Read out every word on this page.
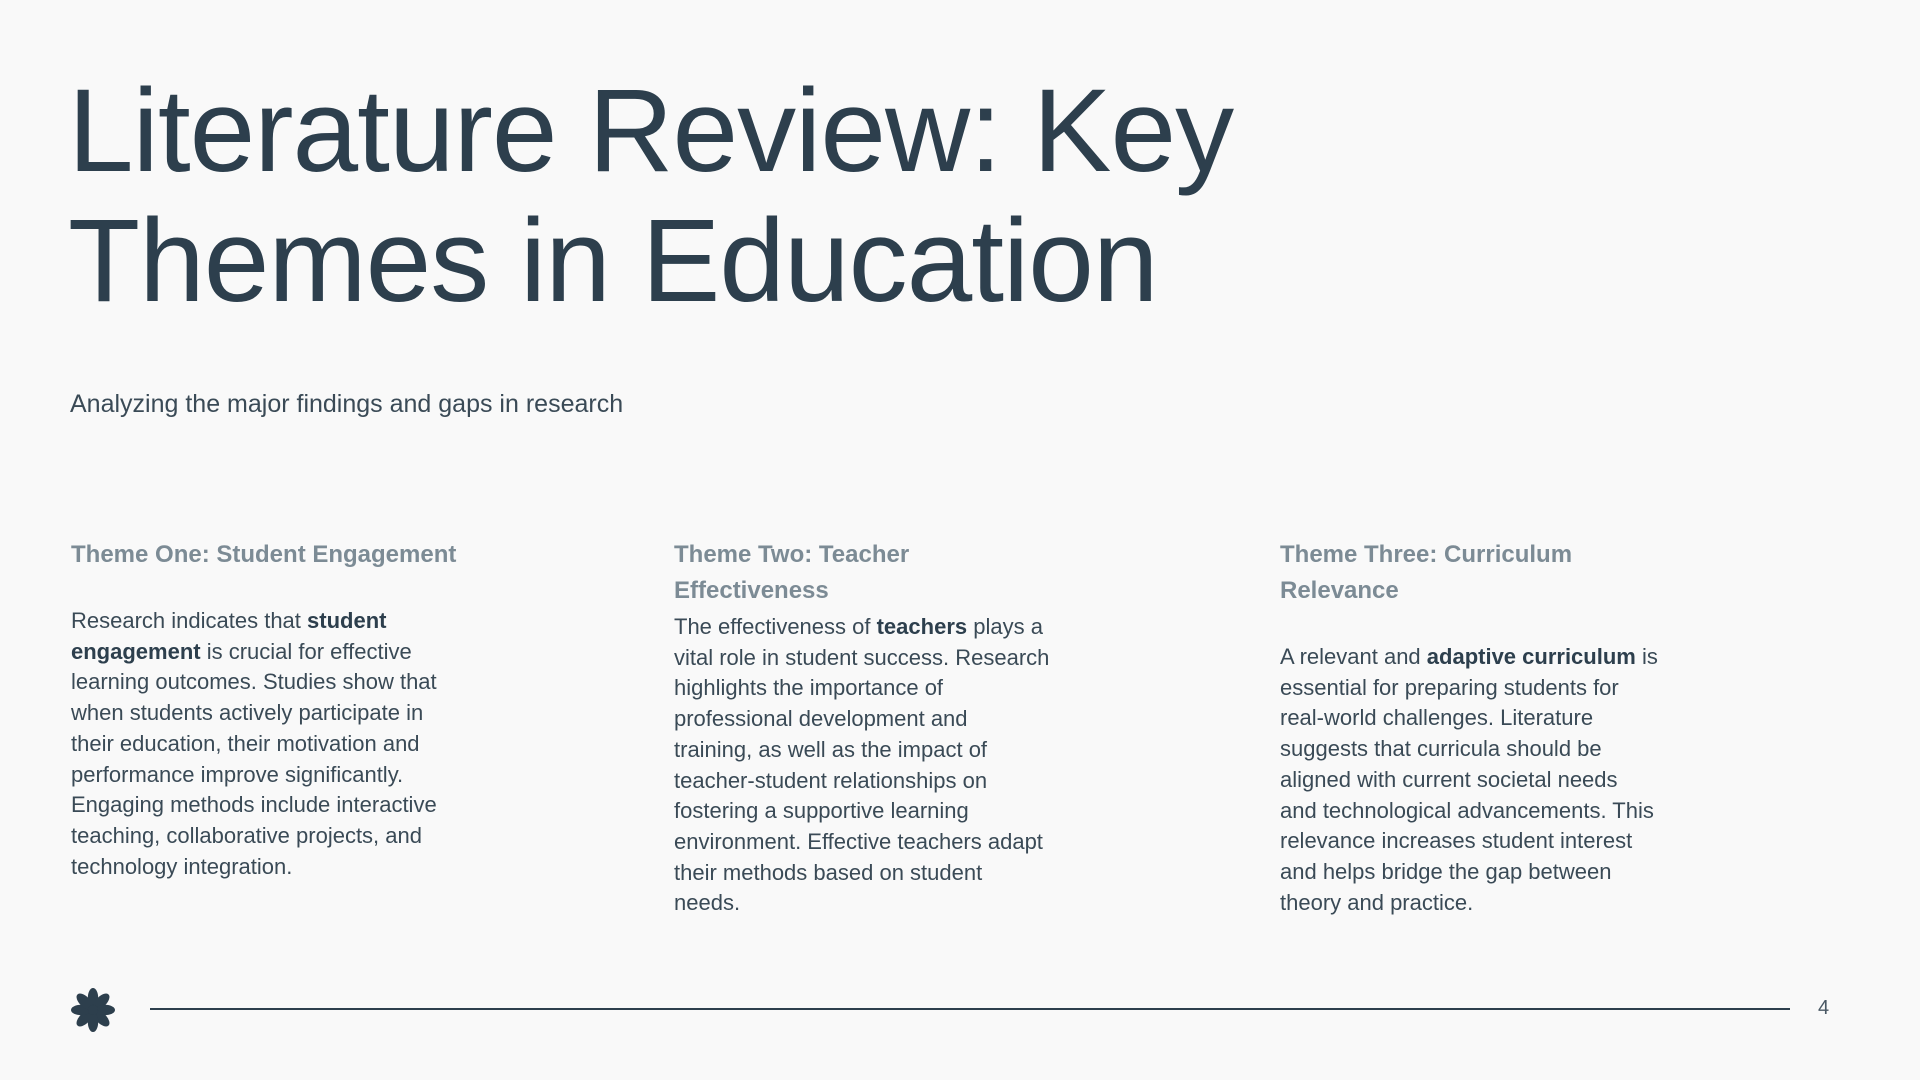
Literature Review: Key
Themes in Education

Analyzing the major findings and gaps in research

Theme One: Student Engagement

Research indicates that student
engagement is crucial for effective
learning outcomes. Studies show that
when students actively participate in
their education, their motivation and
performance improve significantly.
Engaging methods include interactive
teaching, collaborative projects, and
technology integration.

Theme Two: Teacher
Effectiveness

The effectiveness of teachers plays a
vital role in student success. Research
highlights the importance of
professional development and
training, as well as the impact of
teacher-student relationships on
fostering a supportive learning
environment. Effective teachers adapt
their methods based on student
needs.

Theme Three: Curriculum
Relevance

A relevant and adaptive curriculum is
essential for preparing students for
real-world challenges. Literature
suggests that curricula should be
aligned with current societal needs
and technological advancements. This
relevance increases student interest
and helps bridge the gap between
theory and practice.

4
